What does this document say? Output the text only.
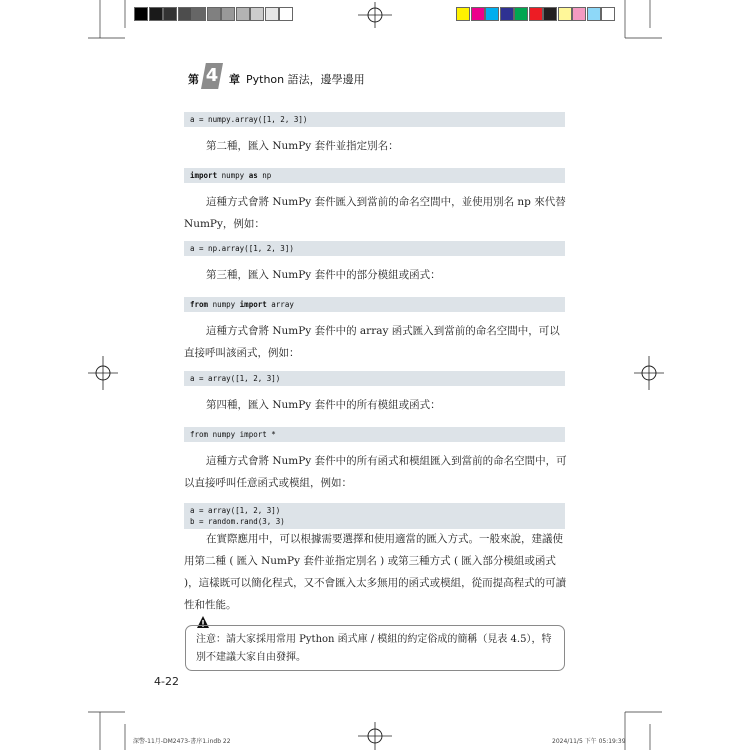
第 4 章 Python 語法，邊學邊用
a = numpy.array([1, 2, 3])

第二種，匯入 NumPy 套件並指定別名：

import numpy as np

這種方式會將 NumPy 套件匯入到當前的命名空間中，並使用別名 np 來代替 NumPy，例如：

a = np.array([1, 2, 3])

第三種，匯入 NumPy 套件中的部分模組或函式：

from numpy import array

這種方式會將 NumPy 套件中的 array 函式匯入到當前的命名空間中，可以直接呼叫該函式，例如：

a = array([1, 2, 3])

第四種，匯入 NumPy 套件中的所有模組或函式：

from numpy import *

這種方式會將 NumPy 套件中的所有函式和模組匯入到當前的命名空間中，可以直接呼叫任意函式或模組，例如：

a = array([1, 2, 3])
b = random.rand(3, 3)

在實際應用中，可以根據需要選擇和使用適當的匯入方式。一般來說，建議使用第二種 ( 匯入 NumPy 套件並指定別名 ) 或第三種方式 ( 匯入部分模組或函式 )，這樣既可以簡化程式，又不會匯入太多無用的函式或模組，從而提高程式的可讀性和性能。

注意：請大家採用常用 Python 函式庫 / 模組的約定俗成的簡稱（見表 4.5），特別不建議大家自由發揮。
4-22
深警-11月-DM2473-書序1.indb 22	2024/11/5 下午 05:19:39
